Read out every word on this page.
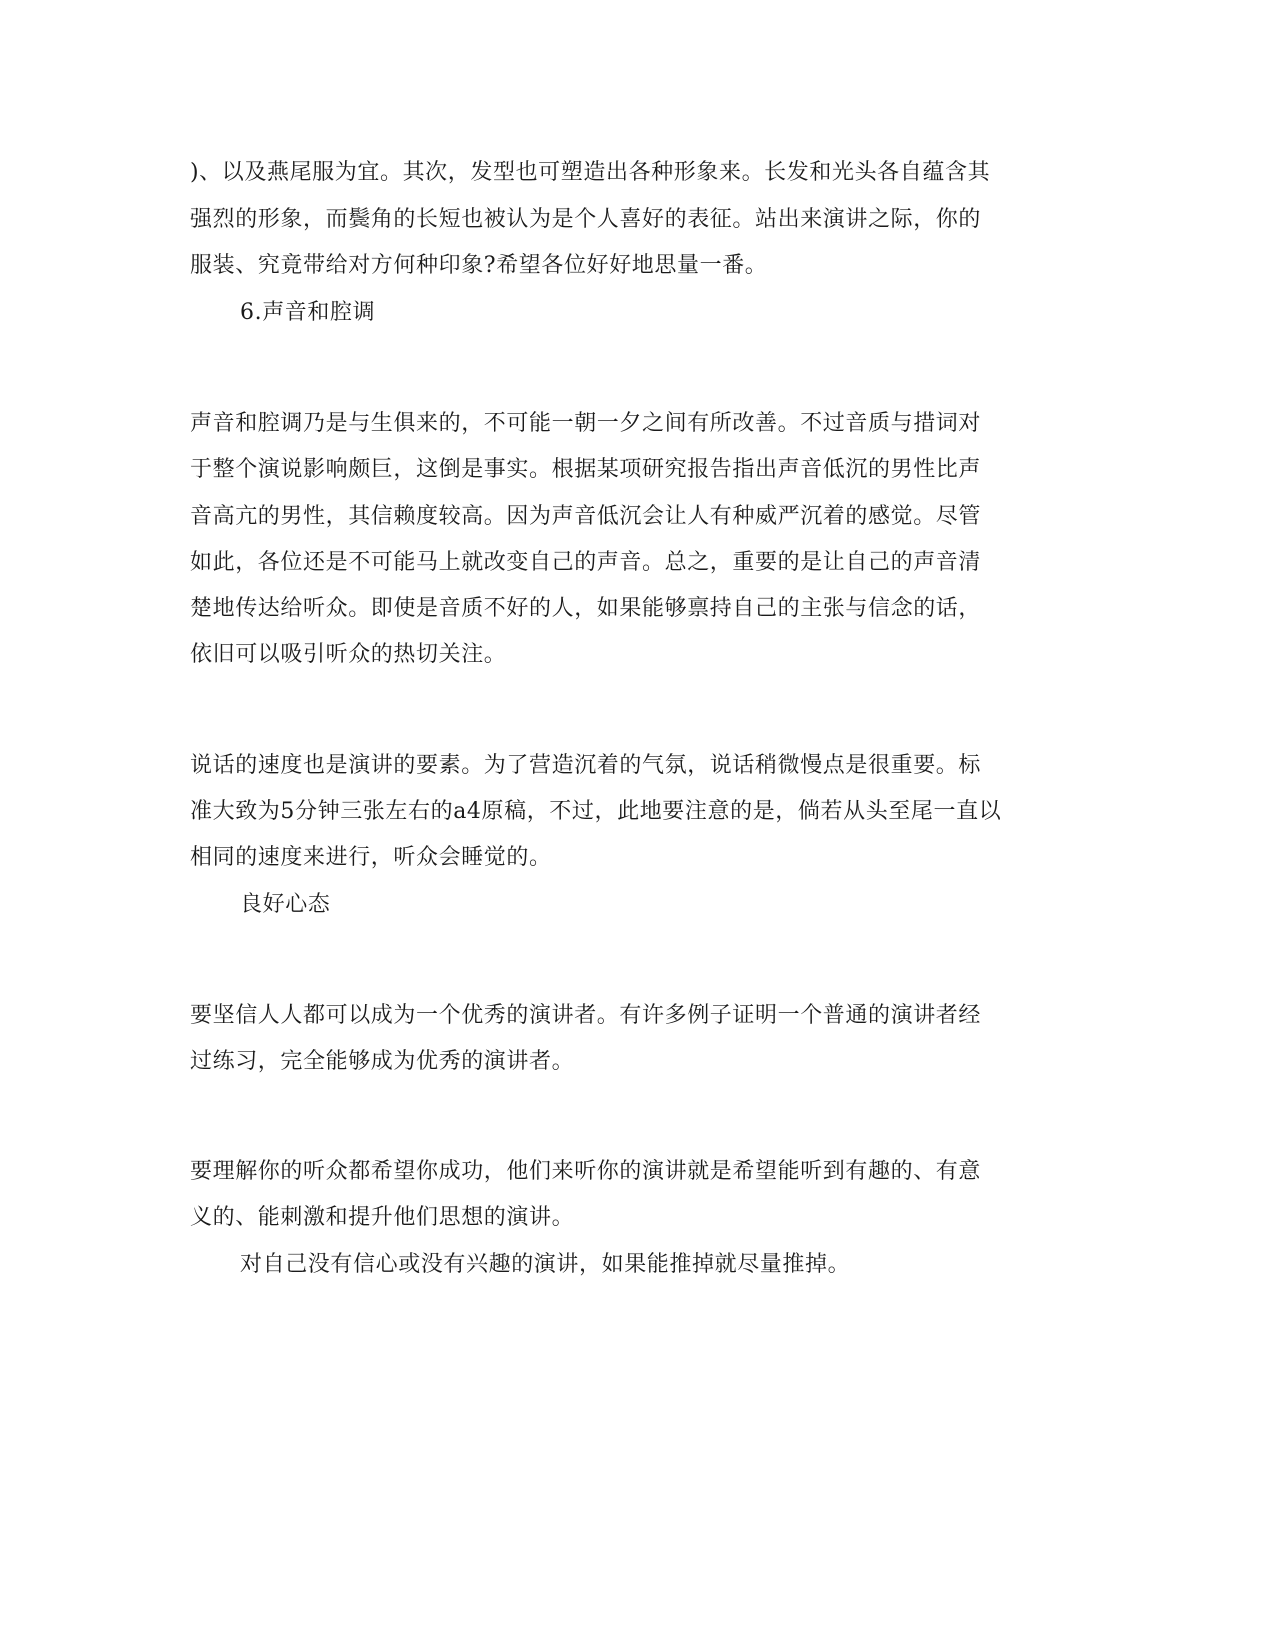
)、以及燕尾服为宜。其次，发型也可塑造出各种形象来。长发和光头各自蕴含其
强烈的形象，而鬓角的长短也被认为是个人喜好的表征。站出来演讲之际，你的
服装、究竟带给对方何种印象?希望各位好好地思量一番。
6.声音和腔调
声音和腔调乃是与生俱来的，不可能一朝一夕之间有所改善。不过音质与措词对
于整个演说影响颇巨，这倒是事实。根据某项研究报告指出声音低沉的男性比声
音高亢的男性，其信赖度较高。因为声音低沉会让人有种威严沉着的感觉。尽管
如此，各位还是不可能马上就改变自己的声音。总之，重要的是让自己的声音清
楚地传达给听众。即使是音质不好的人，如果能够禀持自己的主张与信念的话，
依旧可以吸引听众的热切关注。
说话的速度也是演讲的要素。为了营造沉着的气氛，说话稍微慢点是很重要。标
准大致为5分钟三张左右的a4原稿，不过，此地要注意的是，倘若从头至尾一直以
相同的速度来进行，听众会睡觉的。
良好心态
要坚信人人都可以成为一个优秀的演讲者。有许多例子证明一个普通的演讲者经
过练习，完全能够成为优秀的演讲者。
要理解你的听众都希望你成功，他们来听你的演讲就是希望能听到有趣的、有意
义的、能刺激和提升他们思想的演讲。
对自己没有信心或没有兴趣的演讲，如果能推掉就尽量推掉。
